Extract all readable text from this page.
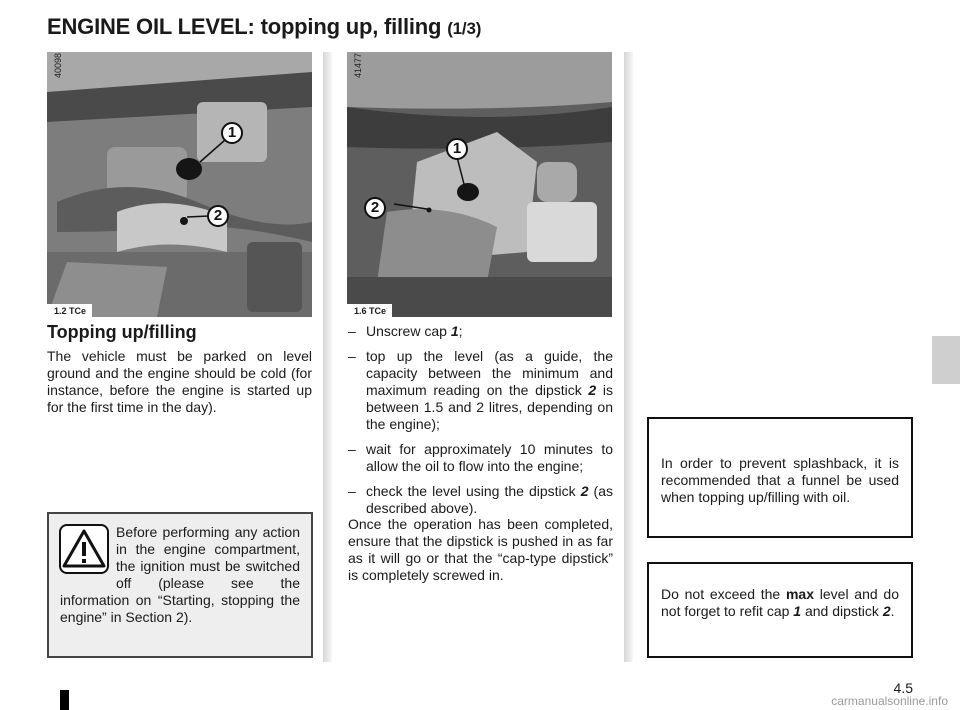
ENGINE OIL LEVEL: topping up, filling (1/3)
40098
1
2
1.2 TCe
41477
1
2
1.6 TCe
Topping up/filling
The vehicle must be parked on level ground and the engine should be cold (for instance, before the engine is started up for the first time in the day).
Before performing any action in the engine compartment, the ignition must be switched off (please see the information on “Starting, stopping the engine” in Section 2).
– Unscrew cap 1;
– top up the level (as a guide, the capacity between the minimum and maximum reading on the dipstick 2 is between 1.5 and 2 litres, depending on the engine);
– wait for approximately 10 minutes to allow the oil to flow into the engine;
– check the level using the dipstick 2 (as described above).
Once the operation has been completed, ensure that the dipstick is pushed in as far as it will go or that the “cap-type dipstick” is completely screwed in.
In order to prevent splashback, it is recommended that a funnel be used when topping up/filling with oil.
Do not exceed the max level and do not forget to refit cap 1 and dipstick 2.
4.5
carmanualsonline.info
